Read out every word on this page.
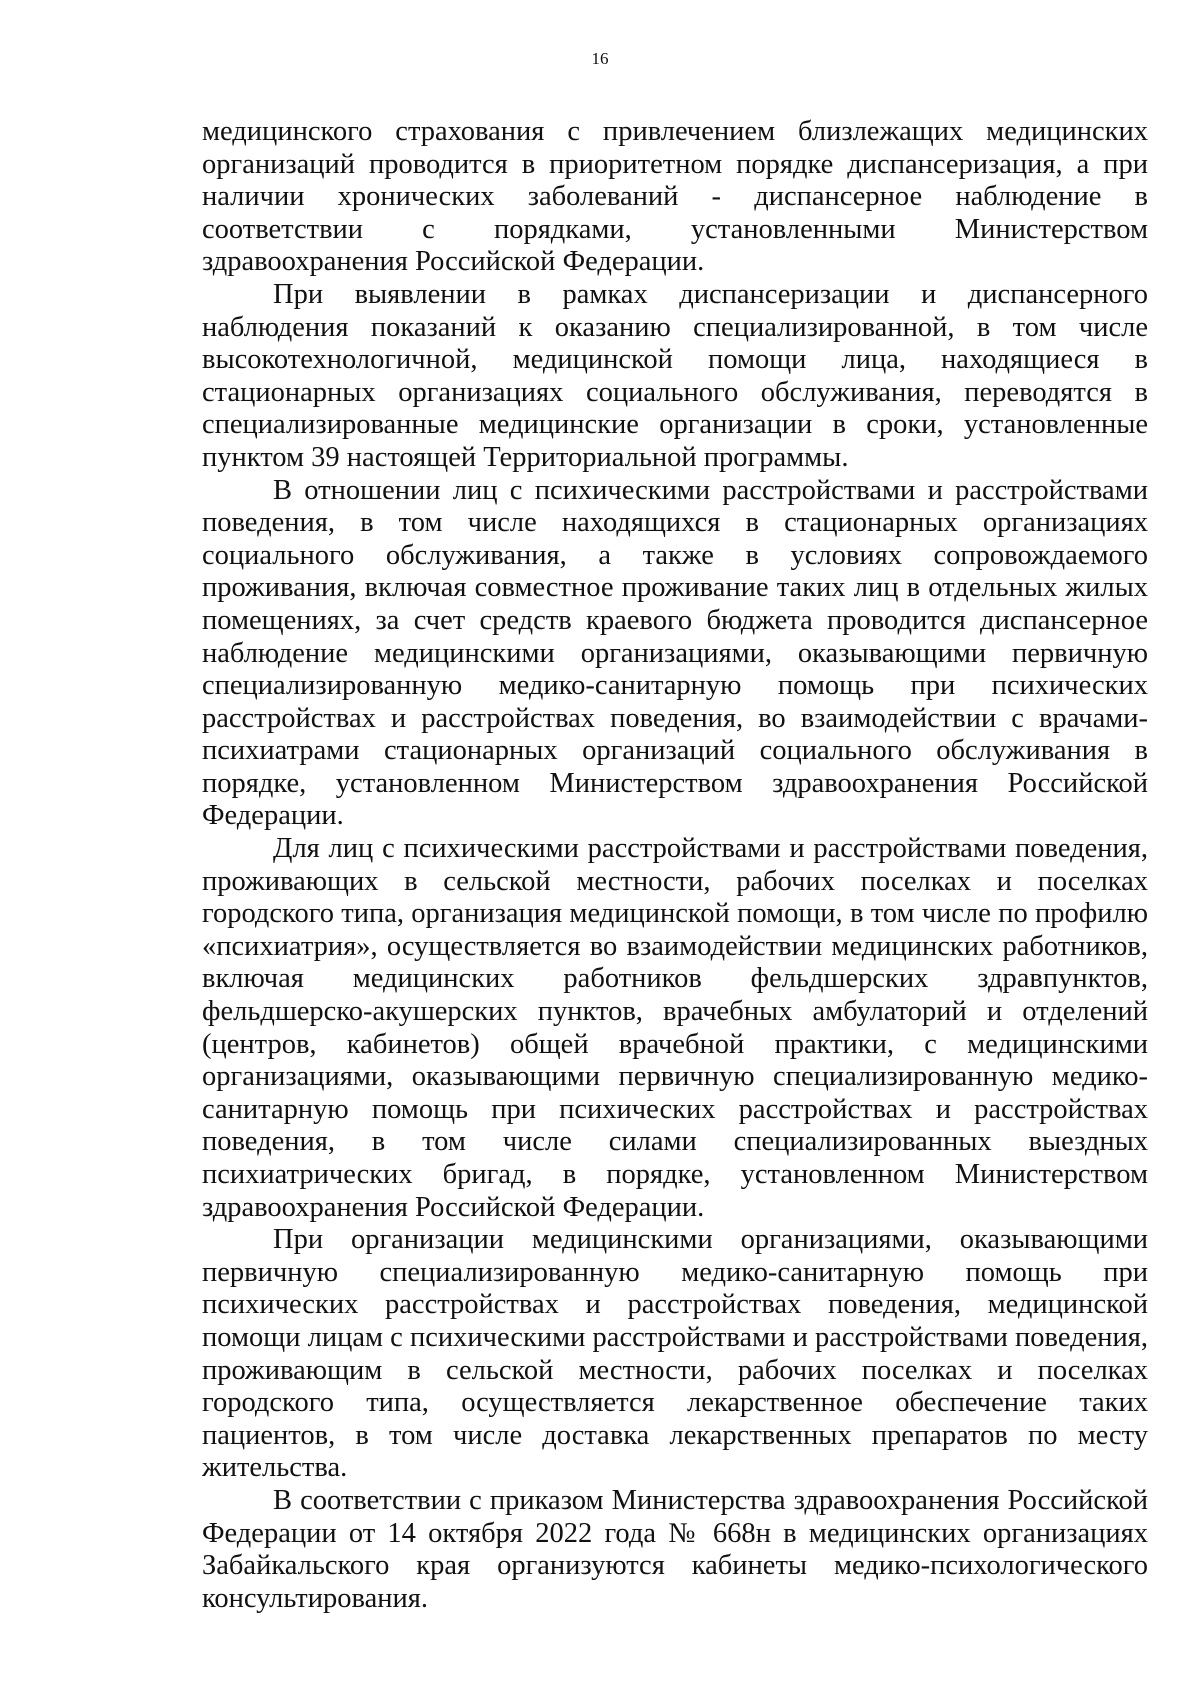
16

медицинского страхования с привлечением близлежащих медицинских организаций проводится в приоритетном порядке диспансеризация, а при наличии хронических заболеваний - диспансерное наблюдение в соответствии с порядками, установленными Министерством здравоохранения Российской Федерации.

При выявлении в рамках диспансеризации и диспансерного наблюдения показаний к оказанию специализированной, в том числе высокотехнологичной, медицинской помощи лица, находящиеся в стационарных организациях социального обслуживания, переводятся в специализированные медицинские организации в сроки, установленные пунктом 39 настоящей Территориальной программы.

В отношении лиц с психическими расстройствами и расстройствами поведения, в том числе находящихся в стационарных организациях социального обслуживания, а также в условиях сопровождаемого проживания, включая совместное проживание таких лиц в отдельных жилых помещениях, за счет средств краевого бюджета проводится диспансерное наблюдение медицинскими организациями, оказывающими первичную специализированную медико-санитарную помощь при психических расстройствах и расстройствах поведения, во взаимодействии с врачами-психиатрами стационарных организаций социального обслуживания в порядке, установленном Министерством здравоохранения Российской Федерации.

Для лиц с психическими расстройствами и расстройствами поведения, проживающих в сельской местности, рабочих поселках и поселках городского типа, организация медицинской помощи, в том числе по профилю «психиатрия», осуществляется во взаимодействии медицинских работников, включая медицинских работников фельдшерских здравпунктов, фельдшерско-акушерских пунктов, врачебных амбулаторий и отделений (центров, кабинетов) общей врачебной практики, с медицинскими организациями, оказывающими первичную специализированную медико-санитарную помощь при психических расстройствах и расстройствах поведения, в том числе силами специализированных выездных психиатрических бригад, в порядке, установленном Министерством здравоохранения Российской Федерации.

При организации медицинскими организациями, оказывающими первичную специализированную медико-санитарную помощь при психических расстройствах и расстройствах поведения, медицинской помощи лицам с психическими расстройствами и расстройствами поведения, проживающим в сельской местности, рабочих поселках и поселках городского типа, осуществляется лекарственное обеспечение таких пациентов, в том числе доставка лекарственных препаратов по месту жительства.

В соответствии с приказом Министерства здравоохранения Российской Федерации от 14 октября 2022 года № 668н в медицинских организациях Забайкальского края организуются кабинеты медико-психологического консультирования.
